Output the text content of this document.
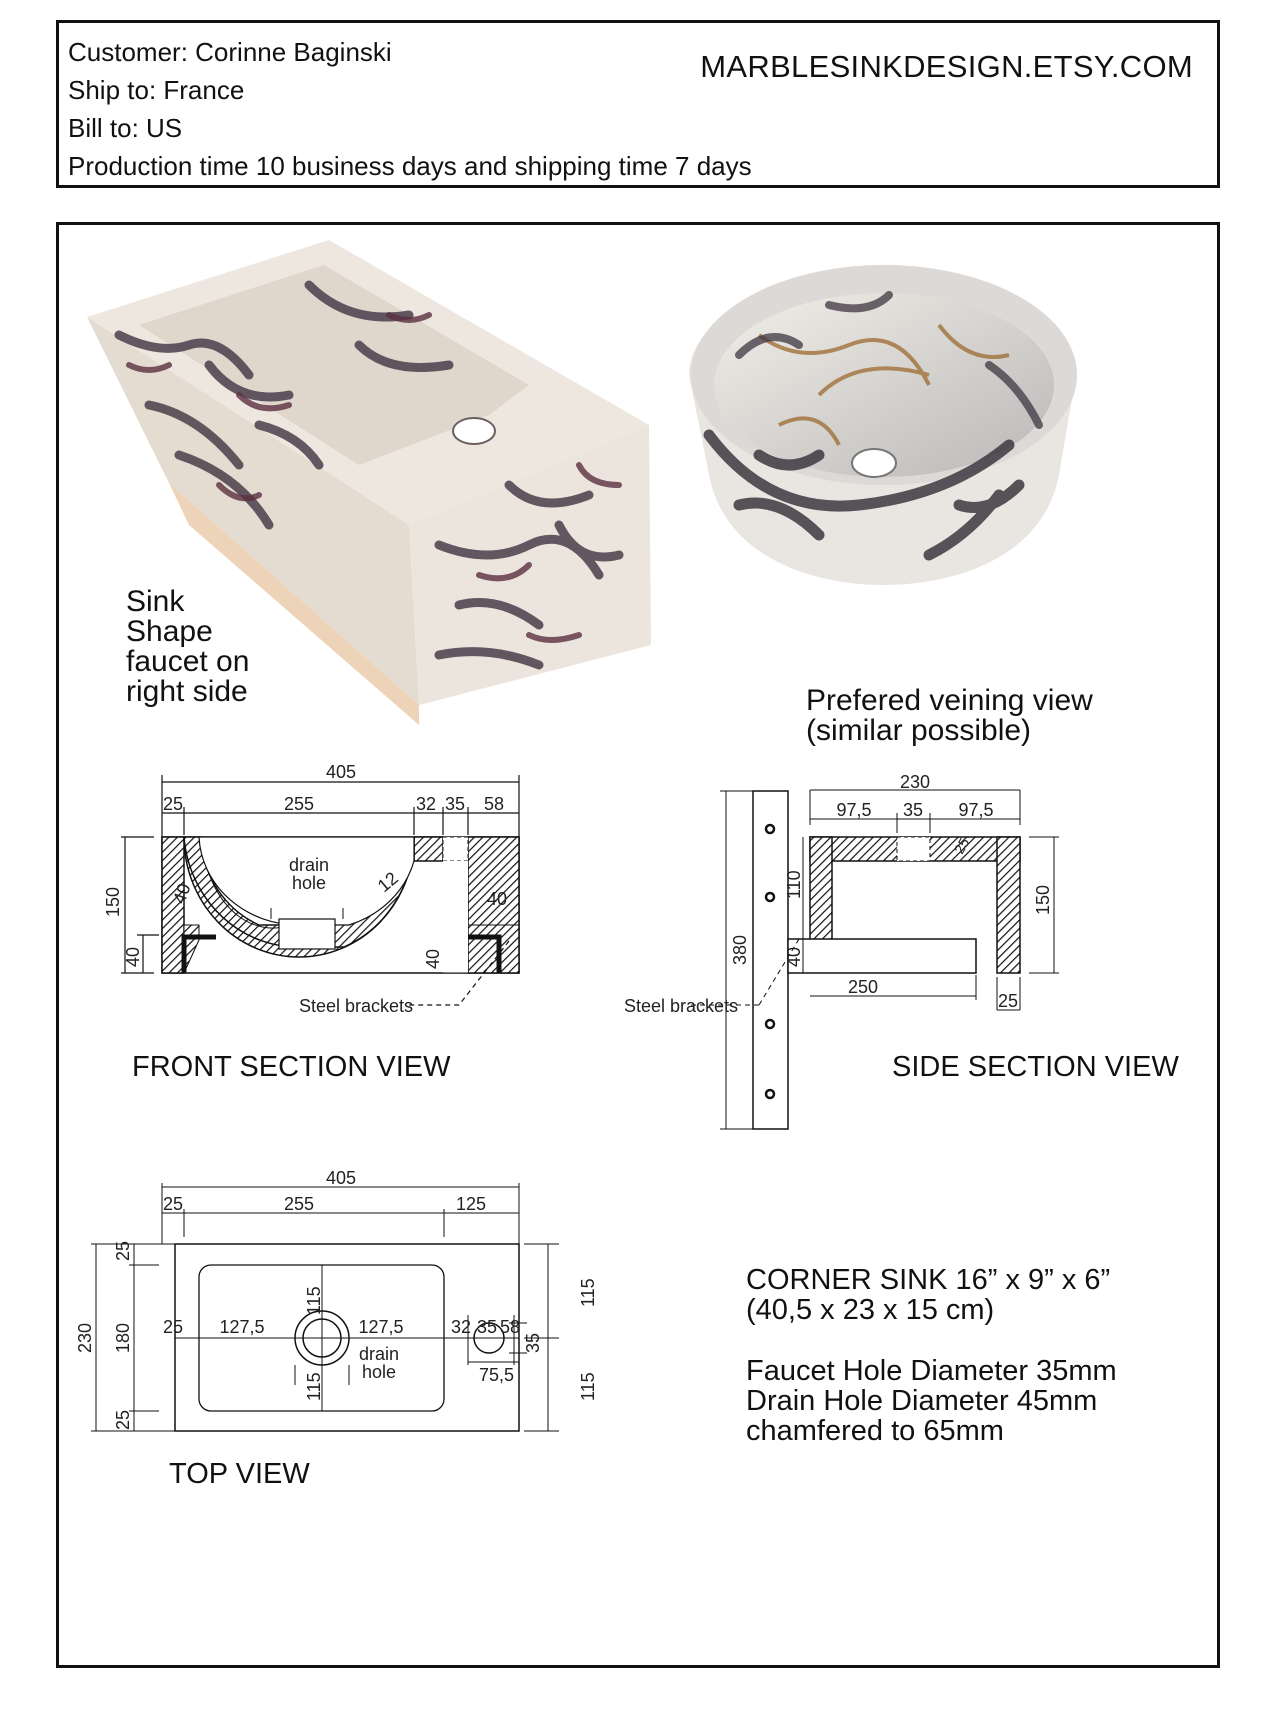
Customer: Corinne Baginski
Ship to: France
Bill to: US
Production time 10 business days and shipping time 7 days
MARBLESINKDESIGN.ETSY.COM
Sink
Shape
faucet on
right side	Prefered veining view
(similar possible)
405
25	255	32 35 58
150
40	40
40	40
12
drain
hole
Steel brackets
FRONT SECTION VIEW
230
97,5 35 97,5
150
380
110
40
250
25
25
Steel brackets
SIDE SECTION VIEW
405
25	255	125
230 180
25
25
25 127,5	127,5
115
115
32 35 58
35
75,5
115
115
drain
hole
TOP VIEW
CORNER SINK 16” x 9” x 6”
(40,5 x 23 x 15 cm)
Faucet Hole Diameter 35mm
Drain Hole Diameter 45mm
chamfered to 65mm
